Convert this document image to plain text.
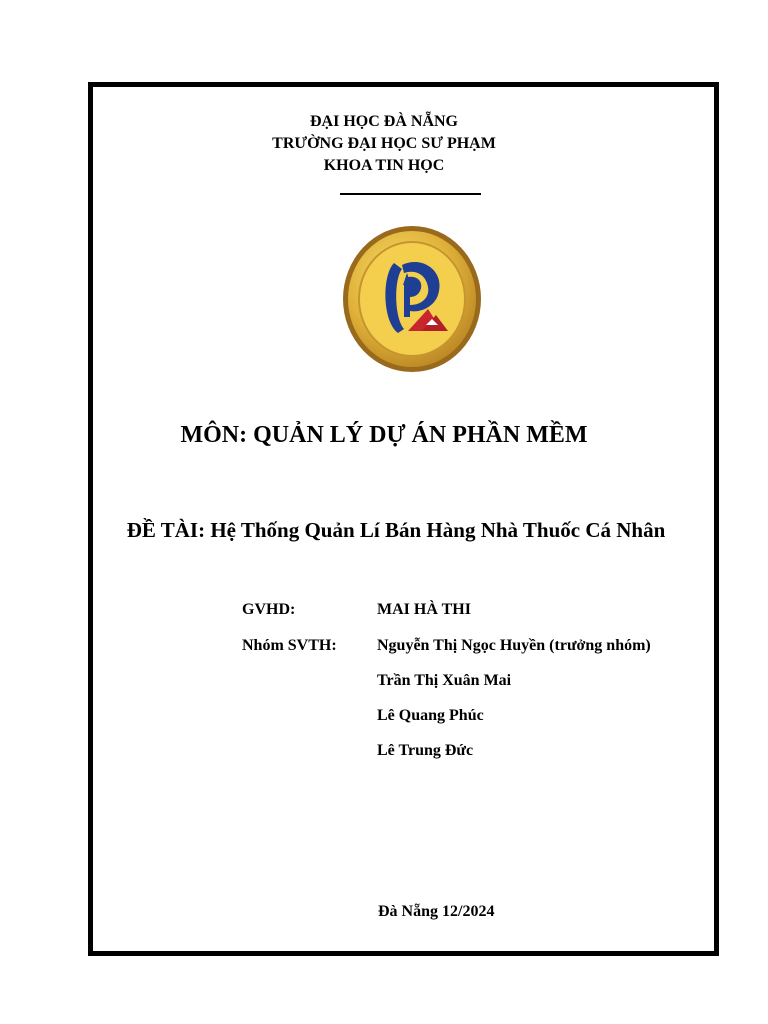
ĐẠI HỌC ĐÀ NẴNG
TRƯỜNG ĐẠI HỌC SƯ PHẠM
KHOA TIN HỌC
MÔN: QUẢN LÝ DỰ ÁN PHẦN MỀM
ĐỀ TÀI: Hệ Thống Quản Lí Bán Hàng Nhà Thuốc Cá Nhân
GVHD:	MAI HÀ THI
Nhóm SVTH:	Nguyễn Thị Ngọc Huyền (trưởng nhóm)
Trần Thị Xuân Mai
Lê Quang Phúc
Lê Trung Đức
Đà Nẵng 12/2024
